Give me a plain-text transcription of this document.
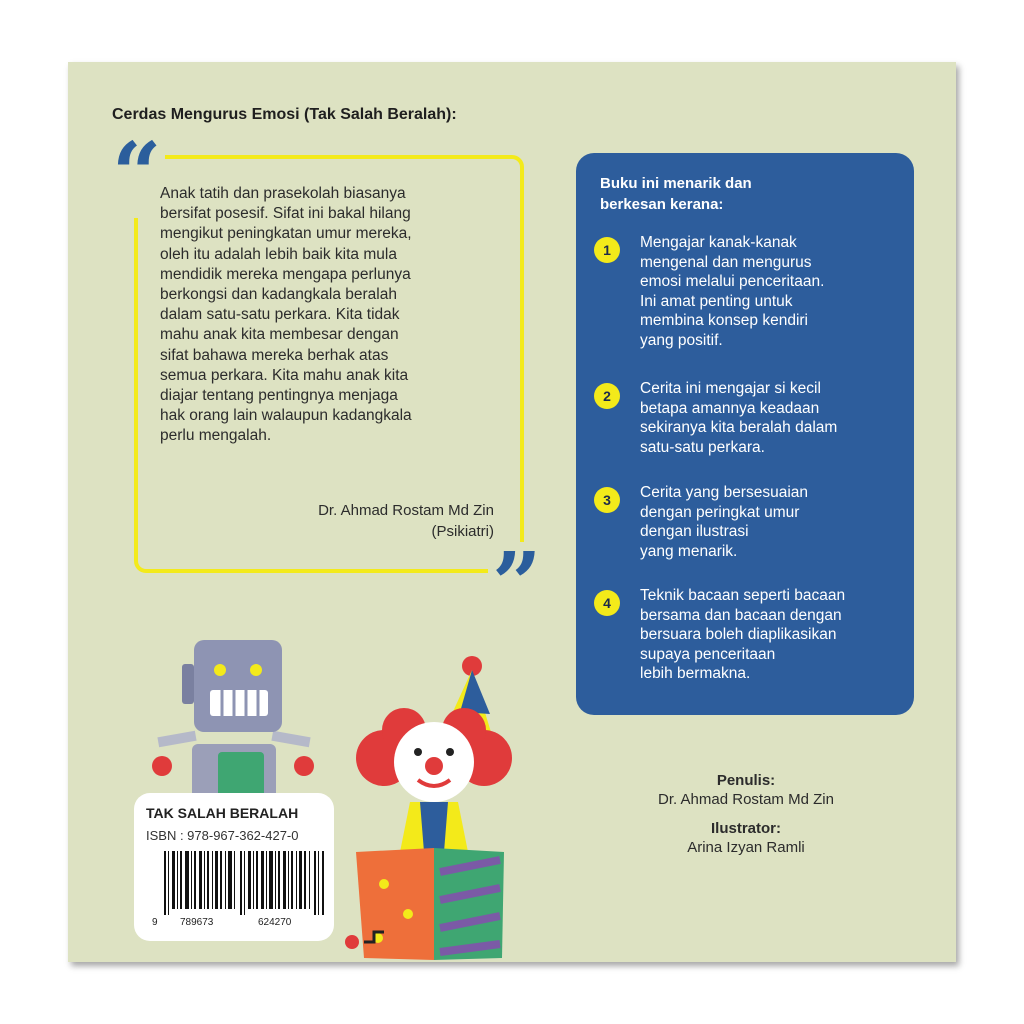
Cerdas Mengurus Emosi (Tak Salah Beralah):
“
”

Anak tatih dan prasekolah biasanya
bersifat posesif. Sifat ini bakal hilang
mengikut peningkatan umur mereka,
oleh itu adalah lebih baik kita mula
mendidik mereka mengapa perlunya
berkongsi dan kadangkala beralah
dalam satu-satu perkara. Kita tidak
mahu anak kita membesar dengan
sifat bahawa mereka berhak atas
semua perkara. Kita mahu anak kita
diajar tentang pentingnya menjaga
hak orang lain walaupun kadangkala
perlu mengalah.

Dr. Ahmad Rostam Md Zin
(Psikiatri)
Buku ini menarik dan
berkesan kerana:
1	Mengajar kanak-kanak
mengenal dan mengurus
emosi melalui penceritaan.
Ini amat penting untuk
membina konsep kendiri
yang positif.
2	Cerita ini mengajar si kecil
betapa amannya keadaan
sekiranya kita beralah dalam
satu-satu perkara.
3	Cerita yang bersesuaian
dengan peringkat umur
dengan ilustrasi
yang menarik.
4	Teknik bacaan seperti bacaan
bersama dan bacaan dengan
bersuara boleh diaplikasikan
supaya penceritaan
lebih bermakna.
Penulis:
Dr. Ahmad Rostam Md Zin
Ilustrator:
Arina Izyan Ramli
TAK SALAH BERALAH
ISBN : 978-967-362-427-0
9 789673	624270
